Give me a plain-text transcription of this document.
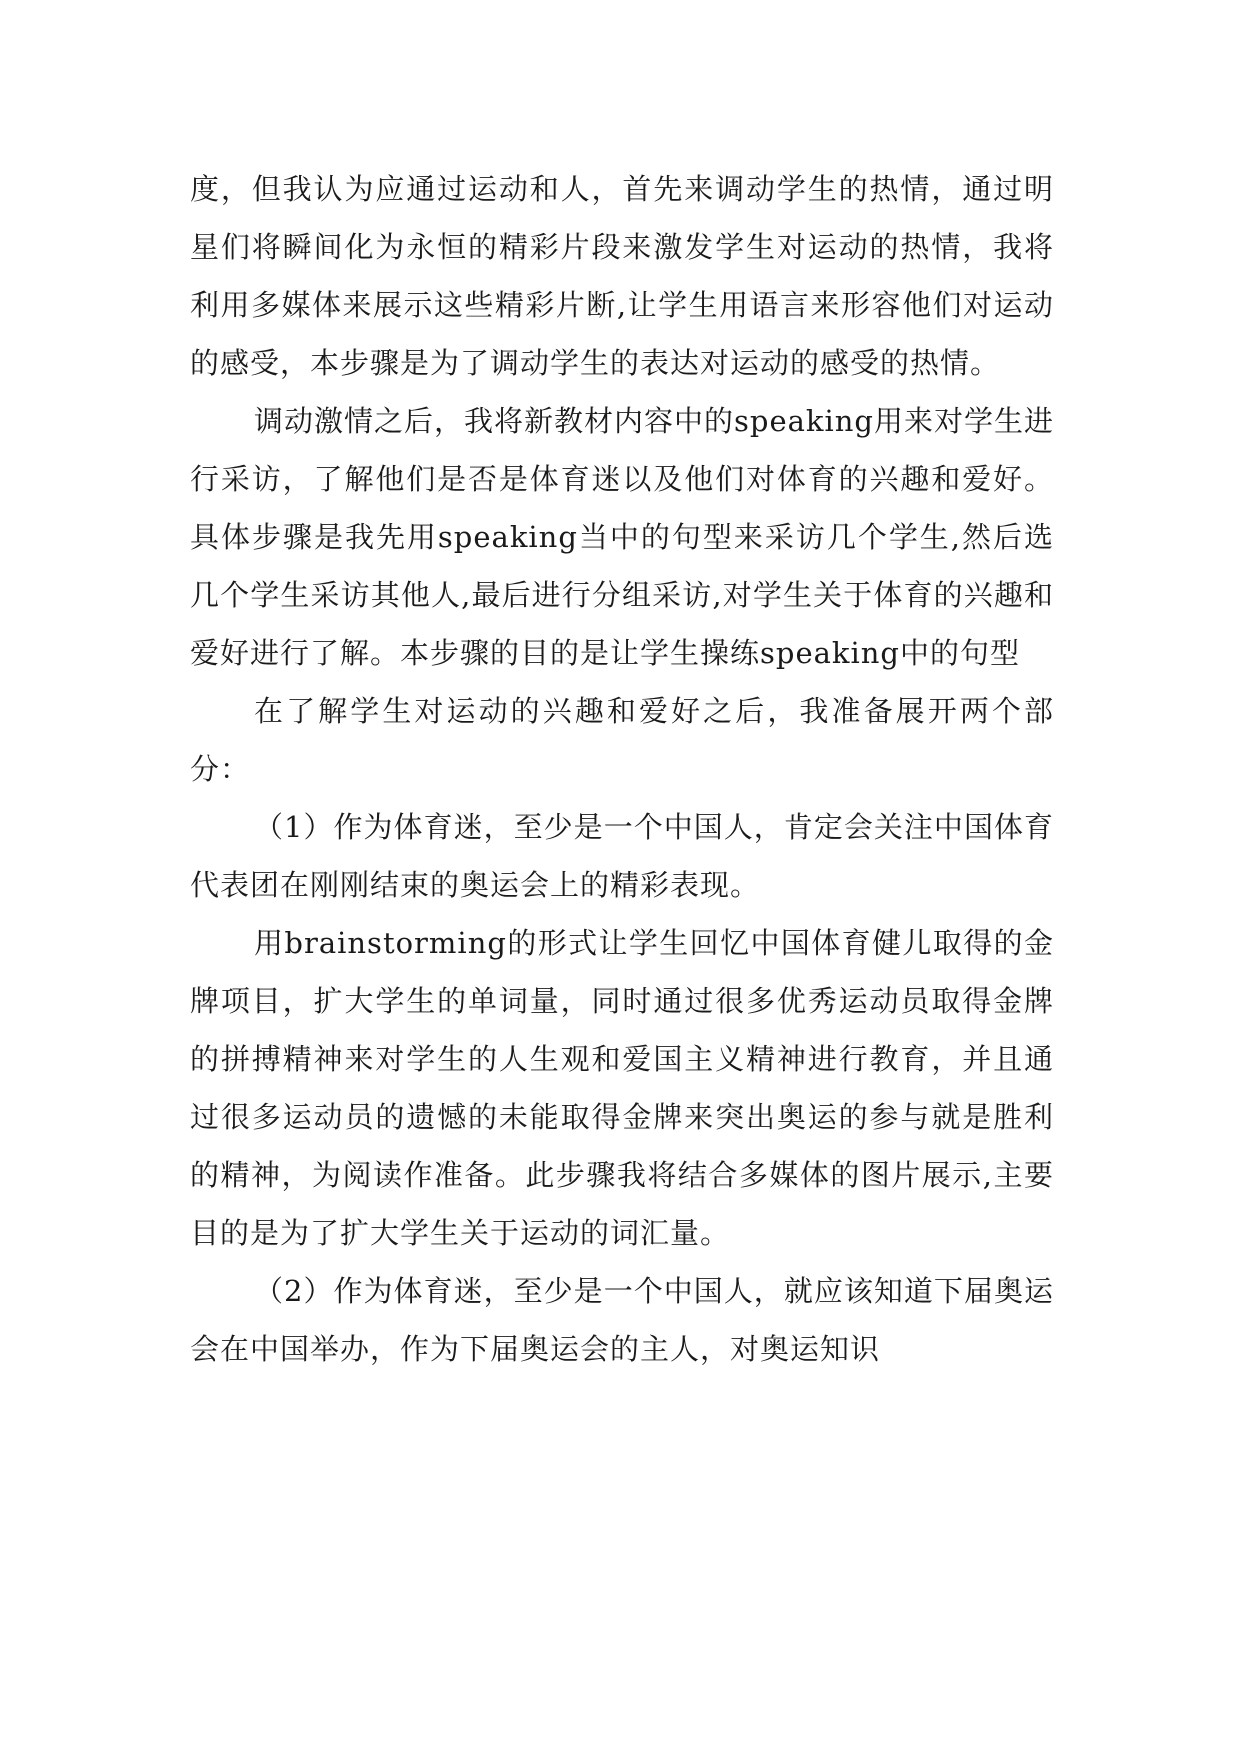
度，但我认为应通过运动和人，首先来调动学生的热情，通过明星们将瞬间化为永恒的精彩片段来激发学生对运动的热情，我将利用多媒体来展示这些精彩片断,让学生用语言来形容他们对运动的感受，本步骤是为了调动学生的表达对运动的感受的热情。

调动激情之后，我将新教材内容中的speaking用来对学生进行采访，了解他们是否是体育迷以及他们对体育的兴趣和爱好。具体步骤是我先用speaking当中的句型来采访几个学生,然后选几个学生采访其他人,最后进行分组采访,对学生关于体育的兴趣和爱好进行了解。本步骤的目的是让学生操练speaking中的句型

在了解学生对运动的兴趣和爱好之后，我准备展开两个部分：

（1）作为体育迷，至少是一个中国人，肯定会关注中国体育代表团在刚刚结束的奥运会上的精彩表现。

用brainstorming的形式让学生回忆中国体育健儿取得的金牌项目，扩大学生的单词量，同时通过很多优秀运动员取得金牌的拼搏精神来对学生的人生观和爱国主义精神进行教育，并且通过很多运动员的遗憾的未能取得金牌来突出奥运的参与就是胜利的精神，为阅读作准备。此步骤我将结合多媒体的图片展示,主要目的是为了扩大学生关于运动的词汇量。

（2）作为体育迷，至少是一个中国人，就应该知道下届奥运会在中国举办，作为下届奥运会的主人，对奥运知识
